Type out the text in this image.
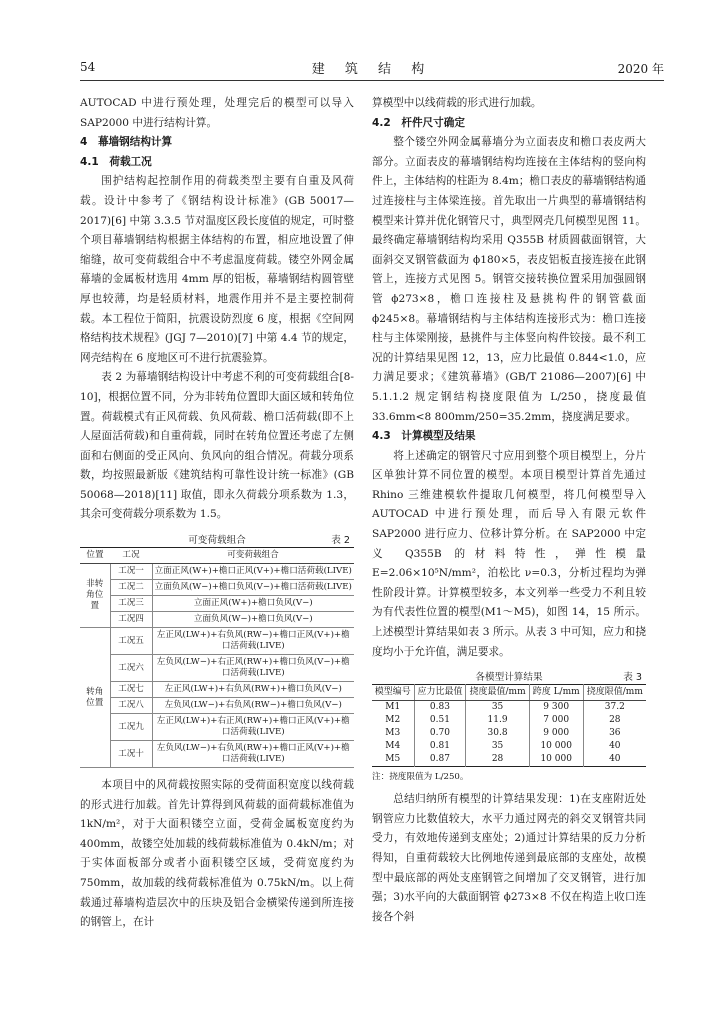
54	建 筑 结 构	2020 年

AUTOCAD 中进行预处理，处理完后的模型可以导入 SAP2000 中进行结构计算。

4　幕墙钢结构计算
4.1　荷载工况

围护结构起控制作用的荷载类型主要有自重及风荷载。设计中参考了《钢结构设计标准》(GB 50017—2017)[6] 中第 3.3.5 节对温度区段长度值的规定，可时整个项目幕墙钢结构根据主体结构的布置，相应地设置了伸缩缝，故可变荷载组合中不考虑温度荷载。镂空外网金属幕墙的金属板材选用 4mm 厚的铝板，幕墙钢结构圆管壁厚也较薄，均是轻质材料，地震作用并不是主要控制荷载。本工程位于简阳，抗震设防烈度 6 度，根据《空间网格结构技术规程》(JGJ 7—2010)[7] 中第 4.4 节的规定，网壳结构在 6 度地区可不进行抗震验算。

表 2 为幕墙钢结构设计中考虑不利的可变荷载组合[8-10]，根据位置不同，分为非转角位置即大面区域和转角位置。荷载模式有正风荷载、负风荷载、檐口活荷载(即不上人屋面活荷载)和自重荷载，同时在转角位置还考虑了左侧面和右侧面的受正风向、负风向的组合情况。荷载分项系数，均按照最新版《建筑结构可靠性设计统一标准》(GB 50068—2018)[11] 取值，即永久荷载分项系数为 1.3，其余可变荷载分项系数为 1.5。

可变荷载组合	表 2
位置	工况	可变荷载组合
非转角位置	工况一	立面正风(W+)+檐口正风(V+)+檐口活荷载(LIVE)
	工况二	立面负风(W−)+檐口负风(V−)+檐口活荷载(LIVE)
	工况三	立面正风(W+)+檐口负风(V−)
	工况四	立面负风(W−)+檐口负风(V−)
转角位置	工况五	左正风(LW+)+右负风(RW−)+檐口正风(V+)+檐口活荷载(LIVE)
	工况六	左负风(LW−)+右正风(RW+)+檐口负风(V−)+檐口活荷载(LIVE)
	工况七	左正风(LW+)+右负风(RW+)+檐口负风(V−)
	工况八	左负风(LW−)+右负风(RW−)+檐口负风(V−)
	工况九	左正风(LW+)+右正风(RW+)+檐口正风(V+)+檐口活荷载(LIVE)
	工况十	左负风(LW−)+右负风(RW+)+檐口正风(V+)+檐口活荷载(LIVE)

本项目中的风荷载按照实际的受荷面积宽度以线荷载的形式进行加载。首先计算得到风荷载的面荷载标准值为 1kN/m²，对于大面积镂空立面，受荷金属板宽度约为 400mm，故镂空处加载的线荷载标准值为 0.4kN/m；对于实体面板部分或者小面积镂空区域，受荷宽度约为 750mm，故加载的线荷载标准值为 0.75kN/m。以上荷载通过幕墙构造层次中的压块及铝合金横梁传递到所连接的钢管上，在计

算模型中以线荷载的形式进行加载。

4.2　杆件尺寸确定

整个镂空外网金属幕墙分为立面表皮和檐口表皮两大部分。立面表皮的幕墙钢结构均连接在主体结构的竖向构件上，主体结构的柱距为 8.4m；檐口表皮的幕墙钢结构通过连接柱与主体梁连接。首先取出一片典型的幕墙钢结构模型来计算并优化钢管尺寸，典型网壳几何模型见图 11。最终确定幕墙钢结构均采用 Q355B 材质圆截面钢管，大面斜交叉钢管截面为 ϕ180×5，表皮铝板直接连接在此钢管上，连接方式见图 5。钢管交接转换位置采用加强圆钢管 ϕ273×8，檐口连接柱及悬挑构件的钢管截面 ϕ245×8。幕墙钢结构与主体结构连接形式为：檐口连接柱与主体梁刚接，悬挑件与主体竖向构件铰接。最不利工况的计算结果见图 12，13，应力比最值 0.844<1.0，应力满足要求；《建筑幕墙》(GB/T 21086—2007)[6] 中 5.1.1.2 规定钢结构挠度限值为 L/250，挠度最值 33.6mm<8 800mm/250=35.2mm，挠度满足要求。

4.3　计算模型及结果

将上述确定的钢管尺寸应用到整个项目模型上，分片区单独计算不同位置的模型。本项目模型计算首先通过 Rhino 三维建模软件提取几何模型，将几何模型导入 AUTOCAD 中进行预处理，而后导入有限元软件 SAP2000 进行应力、位移计算分析。在 SAP2000 中定义 Q355B 的材料特性，弹性模量 E=2.06×10⁵N/mm²，泊松比 ν=0.3，分析过程均为弹性阶段计算。计算模型较多，本文列举一些受力不利且较为有代表性位置的模型(M1～M5)，如图 14，15 所示。上述模型计算结果如表 3 所示。从表 3 中可知，应力和挠度均小于允许值，满足要求。

各模型计算结果	表 3
模型编号	应力比最值	挠度最值/mm	跨度 L/mm	挠度限值/mm
M1	0.83	35	9 300	37.2
M2	0.51	11.9	7 000	28
M3	0.70	30.8	9 000	36
M4	0.81	35	10 000	40
M5	0.87	28	10 000	40
注：挠度限值为 L/250。

总结归纳所有模型的计算结果发现：1)在支座附近处钢管应力比数值较大，水平力通过网壳的斜交叉钢管共同受力，有效地传递到支座处；2)通过计算结果的反力分析得知，自重荷载较大比例地传递到最底部的支座处，故模型中最底部的两处支座钢管之间增加了交叉钢管，进行加强；3)水平向的大截面钢管 ϕ273×8 不仅在构造上收口连接各个斜
